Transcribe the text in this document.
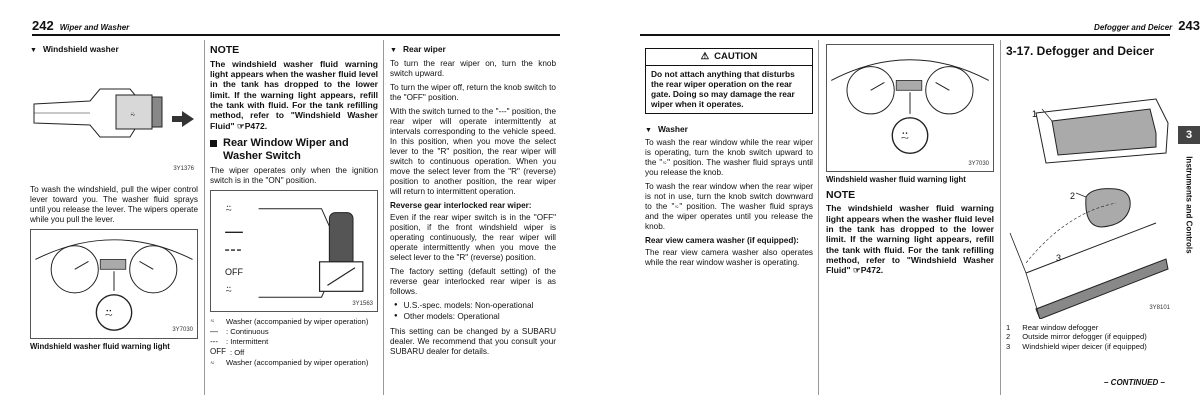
242 Wiper and Washer
▼ Windshield washer
⍨
3Y1376

To wash the windshield, pull the wiper control lever toward you. The washer fluid sprays until you release the lever. The wipers operate while you pull the lever.

⍨
3Y7030
Windshield washer fluid warning light
NOTE
The windshield washer fluid warning light appears when the washer fluid level in the tank has dropped to the lower limit. If the warning light appears, refill the tank with fluid. For the tank refilling method, refer to "Windshield Washer Fluid" ☞P472.
Rear Window Wiper and Washer Switch

The wiper operates only when the ignition switch is in the "ON" position.

⍨
⍨
OFF
3Y1563
⍨	Washer (accompanied by wiper operation)
—	: Continuous
---	: Intermittent
OFF : Off
⍨	Washer (accompanied by wiper operation)
▼ Rear wiper

To turn the rear wiper on, turn the knob switch upward.

To turn the wiper off, return the knob switch to the "OFF" position.

With the switch turned to the "---" position, the rear wiper will operate intermittently at intervals corresponding to the vehicle speed. In this position, when you move the select lever to the "R" position, the rear wiper will switch to continuous operation. When you move the select lever from the "R" (reverse) position to another position, the rear wiper will return to intermittent operation.

Reverse gear interlocked rear wiper:

Even if the rear wiper switch is in the "OFF" position, if the front windshield wiper is operating continuously, the rear wiper will operate intermittently when you move the select lever to the "R" (reverse) position.

The factory setting (default setting) of the reverse gear interlocked rear wiper is as follows.

● U.S.-spec. models: Non-operational
● Other models: Operational

This setting can be changed by a SUBARU dealer. We recommend that you consult your SUBARU dealer for details.

Defogger and Deicer 243
⚠ CAUTION
Do not attach anything that disturbs the rear wiper operation on the rear gate. Doing so may damage the rear wiper when it operates.
▼ Washer

To wash the rear window while the rear wiper is operating, turn the knob switch upward to the "⍨" position. The washer fluid sprays until you release the knob.

To wash the rear window when the rear wiper is not in use, turn the knob switch downward to the "⍨" position. The washer fluid sprays and the wiper operates until you release the knob.

Rear view camera washer (if equipped):

The rear view camera washer also operates while the rear window washer is operating.

⍨
3Y7030
Windshield washer fluid warning light
NOTE
The windshield washer fluid warning light appears when the washer fluid level in the tank has dropped to the lower limit. If the warning light appears, refill the tank with fluid. For the tank refilling method, refer to "Windshield Washer Fluid" ☞P472.
3-17. Defogger and Deicer
1
2
3
3Y8101
1 Rear window defogger
2 Outside mirror defogger (if equipped)
3 Windshield wiper deicer (if equipped)
3
Instruments and Controls
– CONTINUED –
